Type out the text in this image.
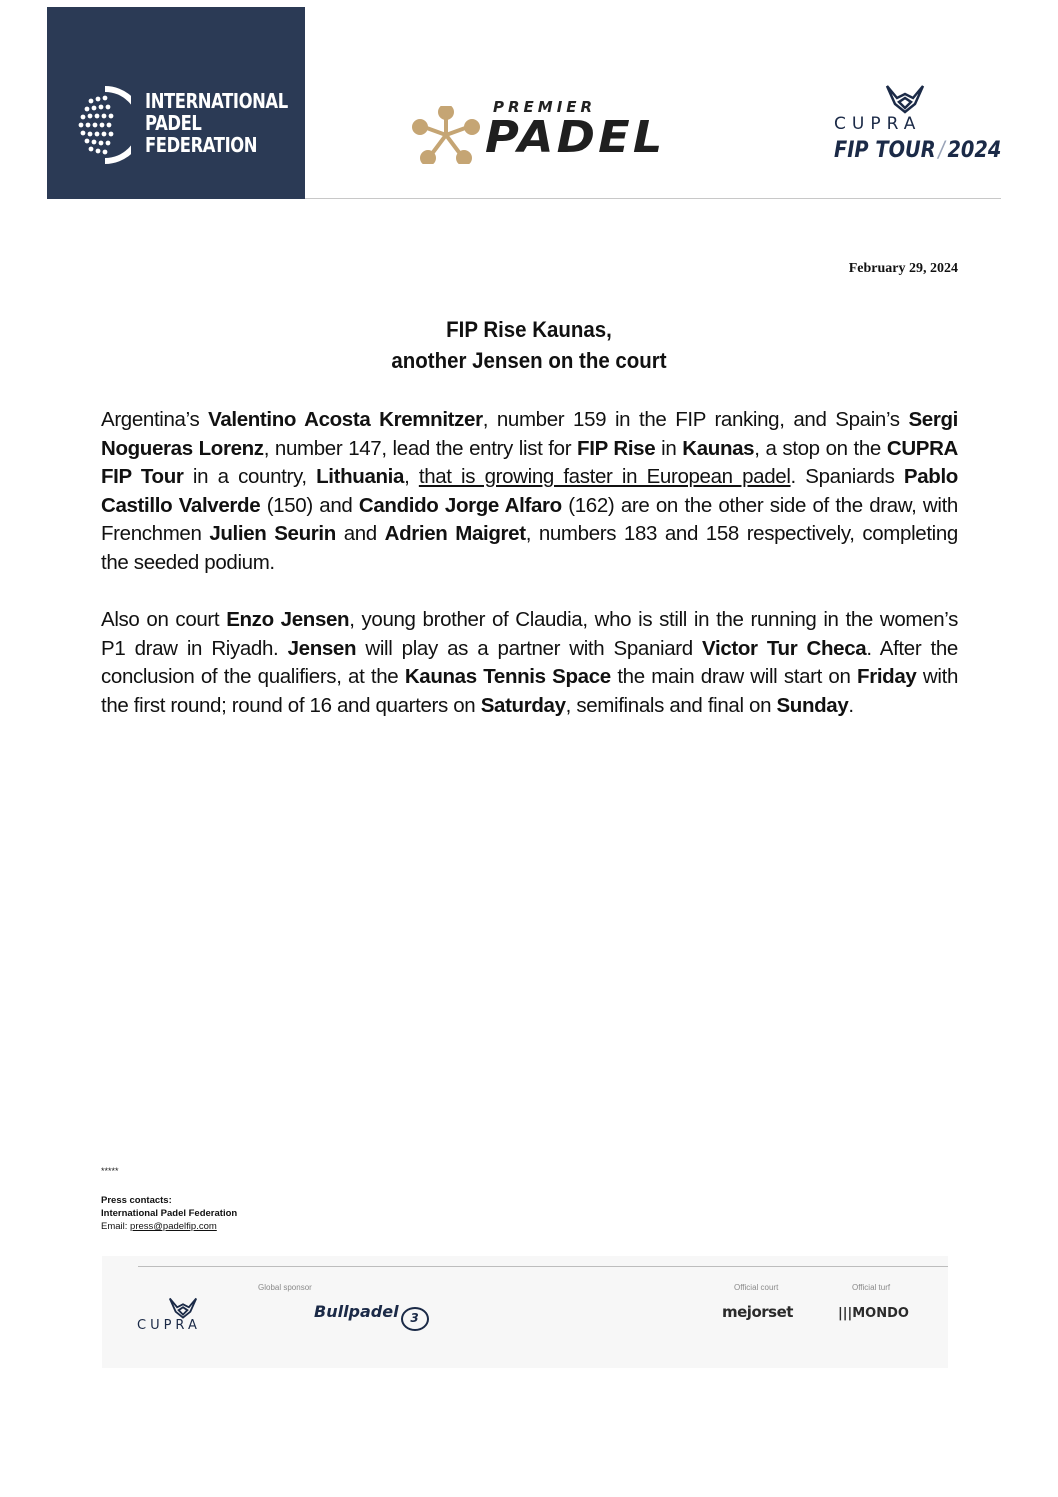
INTERNATIONAL
PADEL
FEDERATION
PREMIER
PADEL	CUPRA
FIP TOUR / 2024
February 29, 2024
FIP Rise Kaunas,
another Jensen on the court
Argentina’s Valentino Acosta Kremnitzer, number 159 in the FIP ranking, and Spain’s Sergi Nogueras Lorenz, number 147, lead the entry list for FIP Rise in Kaunas, a stop on the CUPRA FIP Tour in a country, Lithuania, that is growing faster in European padel. Spaniards Pablo Castillo Valverde (150) and Candido Jorge Alfaro (162) are on the other side of the draw, with Frenchmen Julien Seurin and Adrien Maigret, numbers 183 and 158 respectively, completing the seeded podium.
Also on court Enzo Jensen, young brother of Claudia, who is still in the running in the women’s P1 draw in Riyadh. Jensen will play as a partner with Spaniard Victor Tur Checa. After the conclusion of the qualifiers, at the Kaunas Tennis Space the main draw will start on Friday with the first round; round of 16 and quarters on Saturday, semifinals and final on Sunday.
*****
Press contacts:
International Padel Federation
Email: press@padelfip.com
Global sponsor	Official court	Official turf
CUPRA
Bullpadel 3	mejorset	|||MONDO
